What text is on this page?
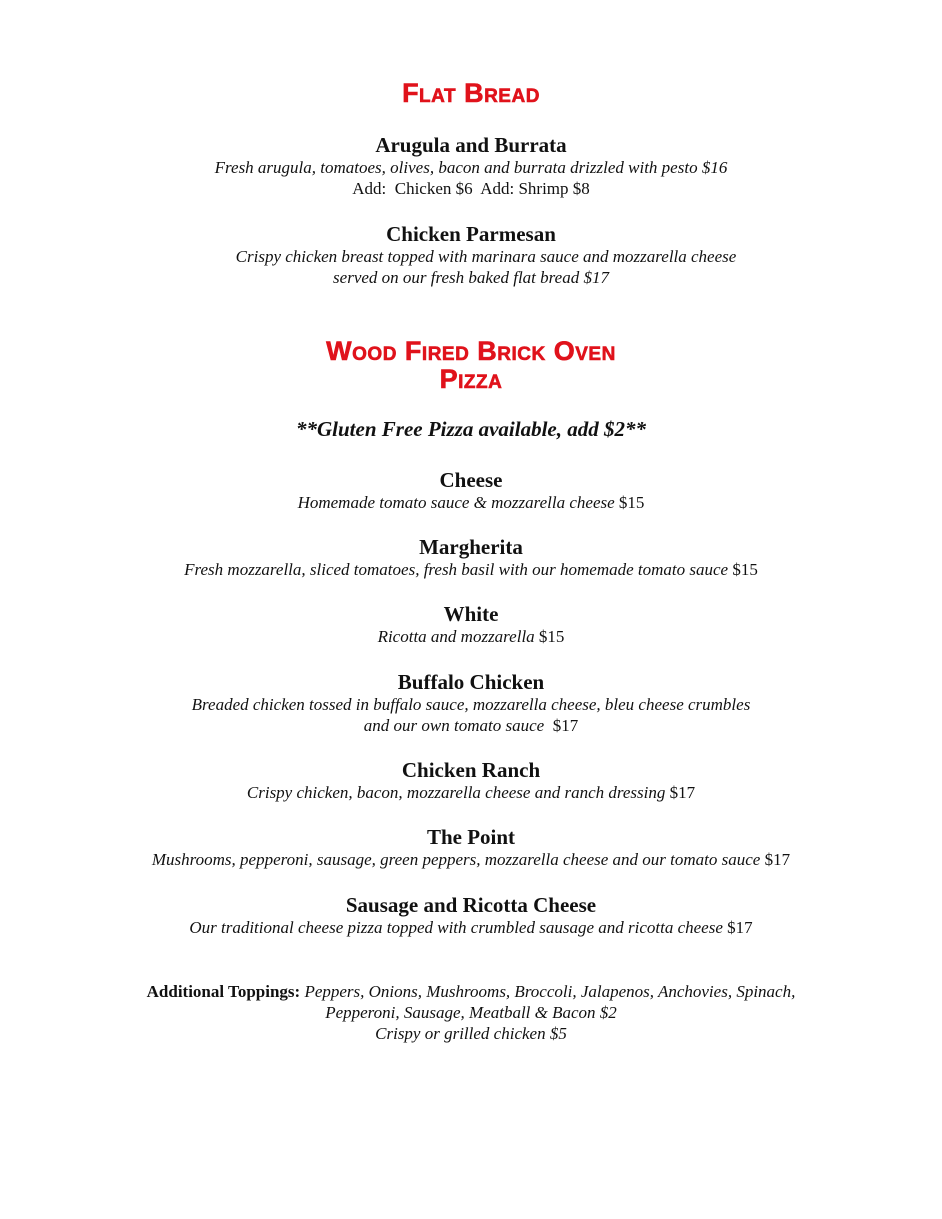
Flat Bread

Arugula and Burrata

Fresh arugula, tomatoes, olives, bacon and burrata drizzled with pesto $16

Add:  Chicken $6  Add: Shrimp $8

Chicken Parmesan

Crispy chicken breast topped with marinara sauce and mozzarella cheese

served on our fresh baked flat bread $17

Wood Fired Brick Oven
Pizza

**Gluten Free Pizza available, add $2**

Cheese

Homemade tomato sauce & mozzarella cheese $15

Margherita

Fresh mozzarella, sliced tomatoes, fresh basil with our homemade tomato sauce $15

White

Ricotta and mozzarella $15

Buffalo Chicken

Breaded chicken tossed in buffalo sauce, mozzarella cheese, bleu cheese crumbles

and our own tomato sauce  $17

Chicken Ranch

Crispy chicken, bacon, mozzarella cheese and ranch dressing $17

The Point

Mushrooms, pepperoni, sausage, green peppers, mozzarella cheese and our tomato sauce $17

Sausage and Ricotta Cheese

Our traditional cheese pizza topped with crumbled sausage and ricotta cheese $17

Additional Toppings: Peppers, Onions, Mushrooms, Broccoli, Jalapenos, Anchovies, Spinach,

Pepperoni, Sausage, Meatball & Bacon $2

Crispy or grilled chicken $5
